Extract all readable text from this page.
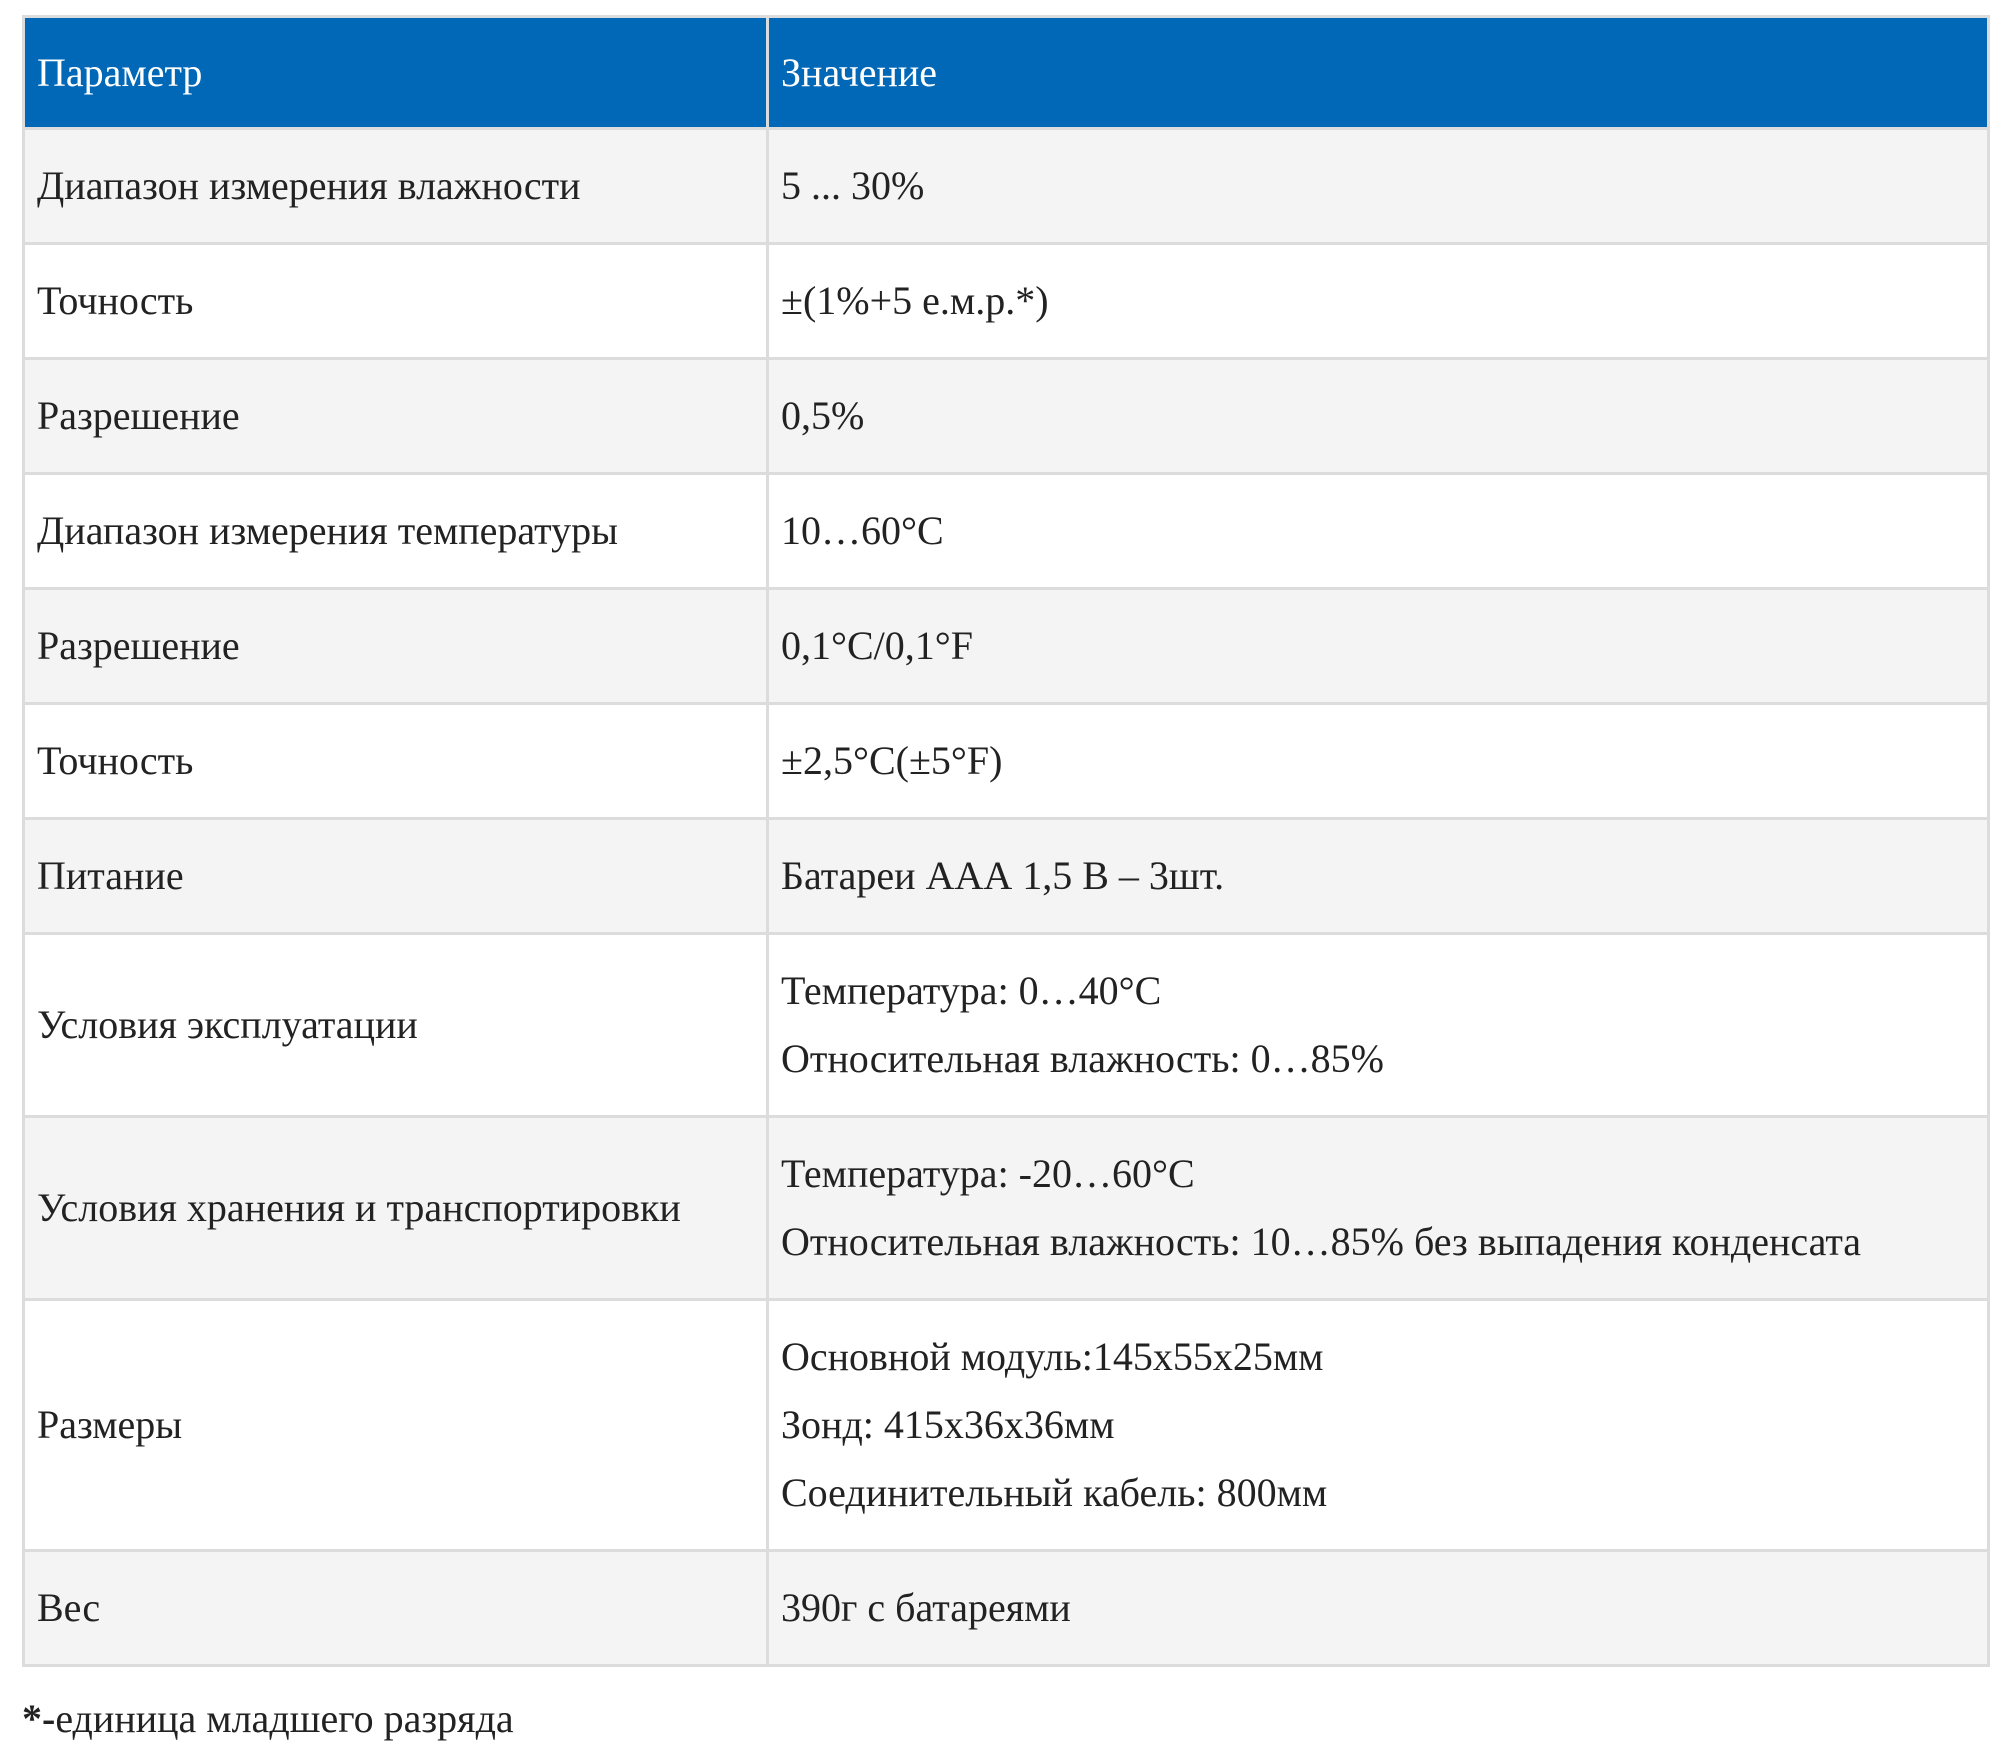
Параметр	Значение
Диапазон измерения влажности	5 ... 30%

Точность	±(1%+5 е.м.р.*)

Разрешение	0,5%

Диапазон измерения температуры	10…60°C

Разрешение	0,1°C/0,1°F

Точность	±2,5°C(±5°F)

Питание	Батареи ААА 1,5 В – 3шт.

Условия эксплуатации	Температура: 0…40°C
Относительная влажность: 0…85%

Условия хранения и транспортировки	Температура: -20…60°C
Относительная влажность: 10…85% без выпадения конденсата

Размеры	Основной модуль:145х55х25мм
Зонд: 415х36х36мм
Соединительный кабель: 800мм

Вес	390г с батареями
*-единица младшего разряда
